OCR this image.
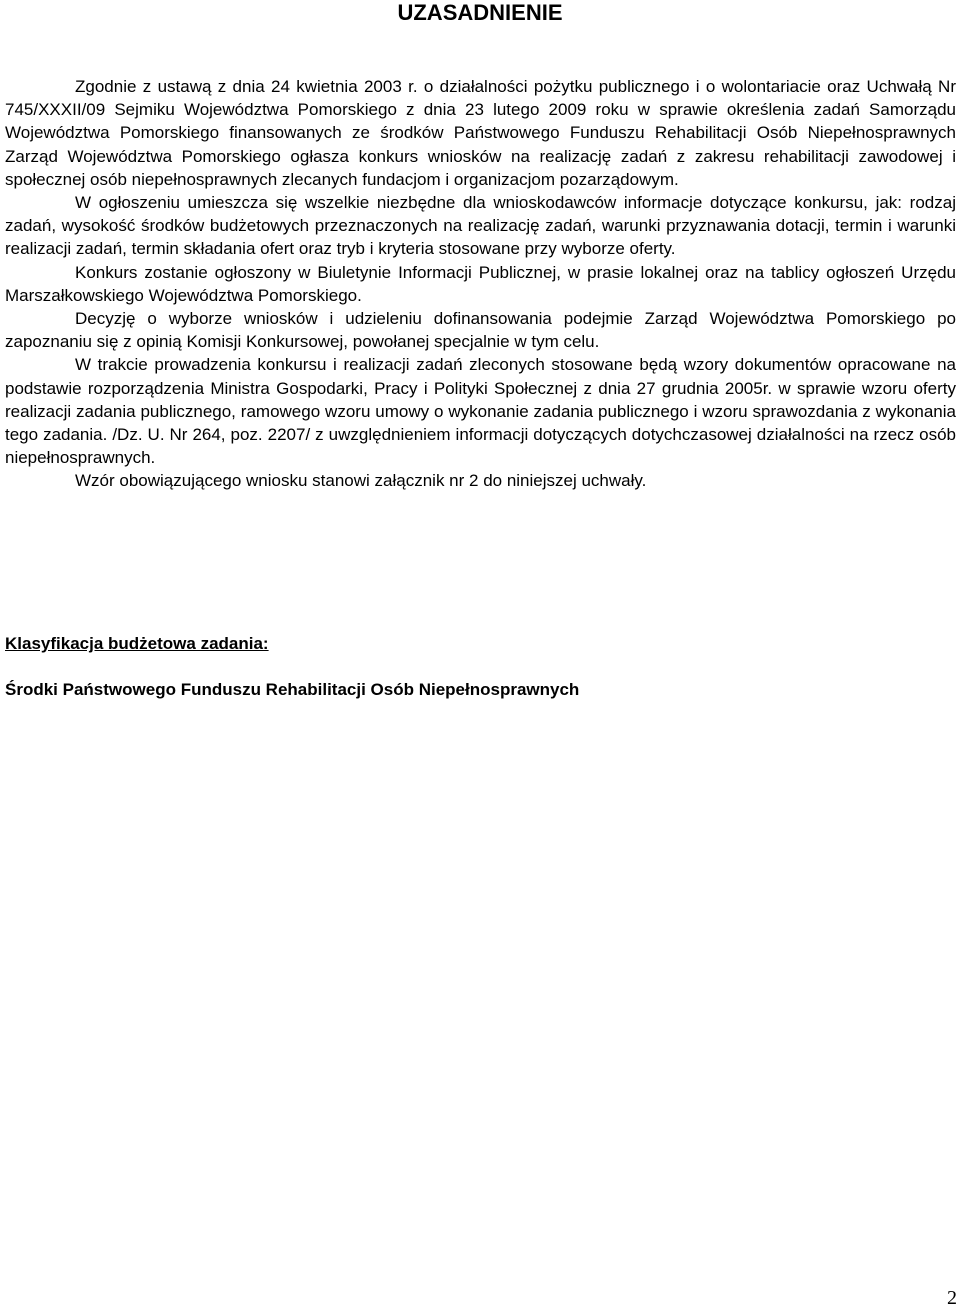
UZASADNIENIE

Zgodnie z ustawą z dnia 24 kwietnia 2003 r. o działalności pożytku publicznego i o wolontariacie oraz Uchwałą Nr 745/XXXII/09 Sejmiku Województwa Pomorskiego z dnia 23 lutego 2009 roku w sprawie określenia zadań Samorządu Województwa Pomorskiego finansowanych ze środków Państwowego Funduszu Rehabilitacji Osób Niepełnosprawnych Zarząd Województwa Pomorskiego ogłasza konkurs wniosków na realizację zadań z zakresu rehabilitacji zawodowej i społecznej osób niepełnosprawnych zlecanych fundacjom i organizacjom pozarządowym.

W ogłoszeniu umieszcza się wszelkie niezbędne dla wnioskodawców informacje dotyczące konkursu, jak: rodzaj zadań, wysokość środków budżetowych przeznaczonych na realizację zadań, warunki przyznawania dotacji, termin i warunki realizacji zadań, termin składania ofert oraz tryb i kryteria stosowane przy wyborze oferty.

Konkurs zostanie ogłoszony w Biuletynie Informacji Publicznej, w prasie lokalnej oraz na tablicy ogłoszeń Urzędu Marszałkowskiego Województwa Pomorskiego.

Decyzję o wyborze wniosków i udzieleniu dofinansowania podejmie Zarząd Województwa Pomorskiego po zapoznaniu się z opinią Komisji Konkursowej, powołanej specjalnie w tym celu.

W trakcie prowadzenia konkursu i realizacji zadań zleconych stosowane będą wzory dokumentów opracowane na podstawie rozporządzenia Ministra Gospodarki, Pracy i Polityki Społecznej z dnia 27 grudnia 2005r. w sprawie wzoru oferty realizacji zadania publicznego, ramowego wzoru umowy o wykonanie zadania publicznego i wzoru sprawozdania z wykonania tego zadania. /Dz. U. Nr 264, poz. 2207/ z uwzględnieniem informacji dotyczących dotychczasowej działalności na rzecz osób niepełnosprawnych.

Wzór obowiązującego wniosku stanowi załącznik nr 2 do niniejszej uchwały.

Klasyfikacja budżetowa zadania:

Środki Państwowego Funduszu Rehabilitacji Osób Niepełnosprawnych

2
